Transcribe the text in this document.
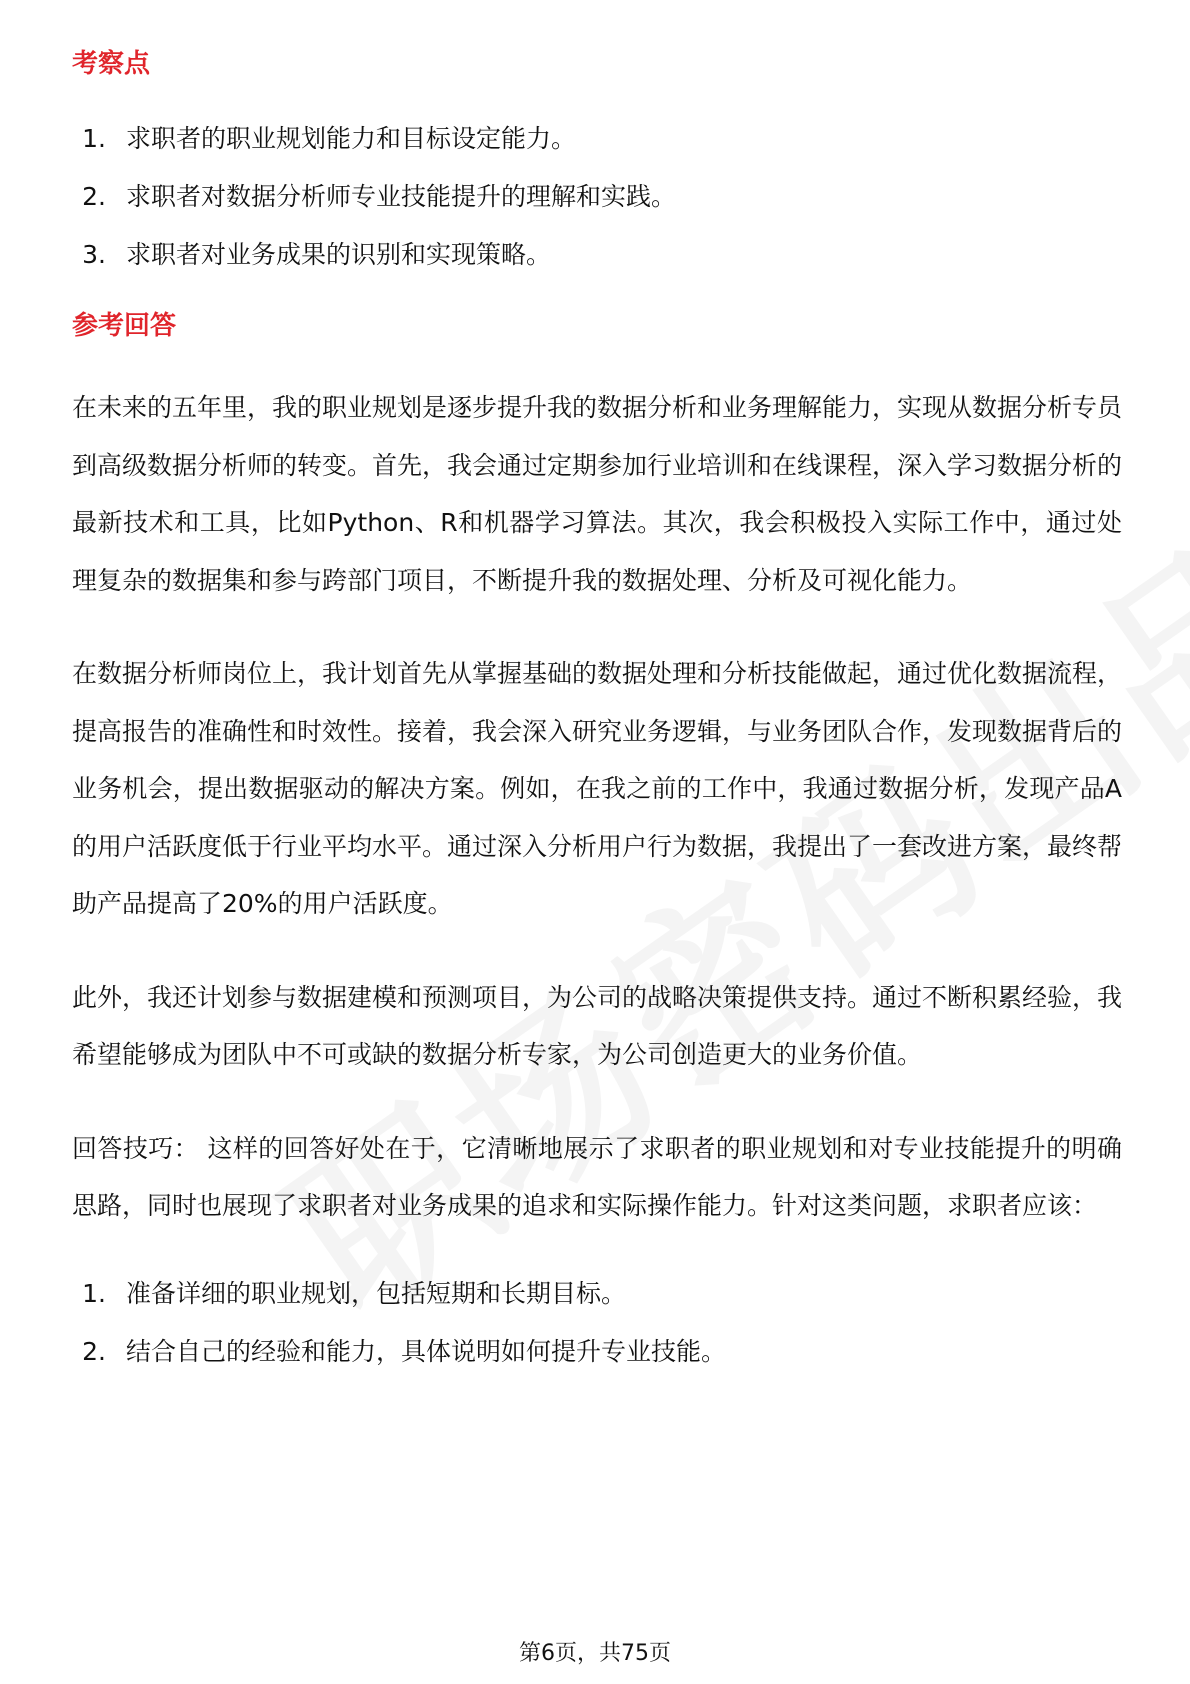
考察点
1. 求职者的职业规划能力和目标设定能力。
2. 求职者对数据分析师专业技能提升的理解和实践。
3. 求职者对业务成果的识别和实现策略。
参考回答

在未来的五年里，我的职业规划是逐步提升我的数据分析和业务理解能力，实现从数据分析专员到高级数据分析师的转变。首先，我会通过定期参加行业培训和在线课程，深入学习数据分析的最新技术和工具，比如Python、R和机器学习算法。其次，我会积极投入实际工作中，通过处理复杂的数据集和参与跨部门项目，不断提升我的数据处理、分析及可视化能力。

在数据分析师岗位上，我计划首先从掌握基础的数据处理和分析技能做起，通过优化数据流程，提高报告的准确性和时效性。接着，我会深入研究业务逻辑，与业务团队合作，发现数据背后的业务机会，提出数据驱动的解决方案。例如，在我之前的工作中，我通过数据分析，发现产品A的用户活跃度低于行业平均水平。通过深入分析用户行为数据，我提出了一套改进方案，最终帮助产品提高了20%的用户活跃度。

此外，我还计划参与数据建模和预测项目，为公司的战略决策提供支持。通过不断积累经验，我希望能够成为团队中不可或缺的数据分析专家，为公司创造更大的业务价值。

回答技巧： 这样的回答好处在于，它清晰地展示了求职者的职业规划和对专业技能提升的明确思路，同时也展现了求职者对业务成果的追求和实际操作能力。针对这类问题，求职者应该：

1. 准备详细的职业规划，包括短期和长期目标。
2. 结合自己的经验和能力，具体说明如何提升专业技能。
第6页，共75页
